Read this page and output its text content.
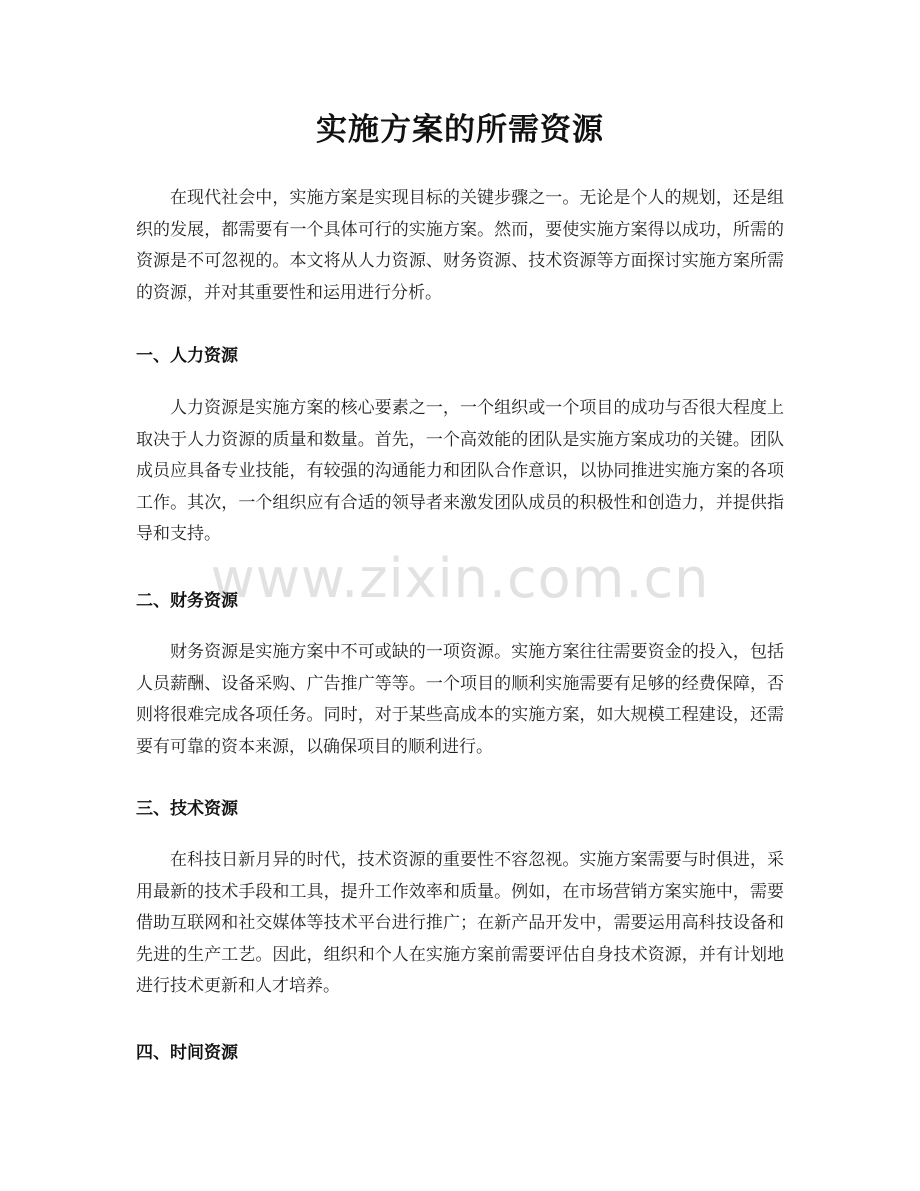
实施方案的所需资源

在现代社会中，实施方案是实现目标的关键步骤之一。无论是个人的规划，还是组织的发展，都需要有一个具体可行的实施方案。然而，要使实施方案得以成功，所需的资源是不可忽视的。本文将从人力资源、财务资源、技术资源等方面探讨实施方案所需的资源，并对其重要性和运用进行分析。

一、人力资源

人力资源是实施方案的核心要素之一，一个组织或一个项目的成功与否很大程度上取决于人力资源的质量和数量。首先，一个高效能的团队是实施方案成功的关键。团队成员应具备专业技能，有较强的沟通能力和团队合作意识，以协同推进实施方案的各项工作。其次，一个组织应有合适的领导者来激发团队成员的积极性和创造力，并提供指导和支持。

二、财务资源

财务资源是实施方案中不可或缺的一项资源。实施方案往往需要资金的投入，包括人员薪酬、设备采购、广告推广等等。一个项目的顺利实施需要有足够的经费保障，否则将很难完成各项任务。同时，对于某些高成本的实施方案，如大规模工程建设，还需要有可靠的资本来源，以确保项目的顺利进行。

三、技术资源

在科技日新月异的时代，技术资源的重要性不容忽视。实施方案需要与时俱进，采用最新的技术手段和工具，提升工作效率和质量。例如，在市场营销方案实施中，需要借助互联网和社交媒体等技术平台进行推广；在新产品开发中，需要运用高科技设备和先进的生产工艺。因此，组织和个人在实施方案前需要评估自身技术资源，并有计划地进行技术更新和人才培养。

四、时间资源
www.zixin.com.cn
